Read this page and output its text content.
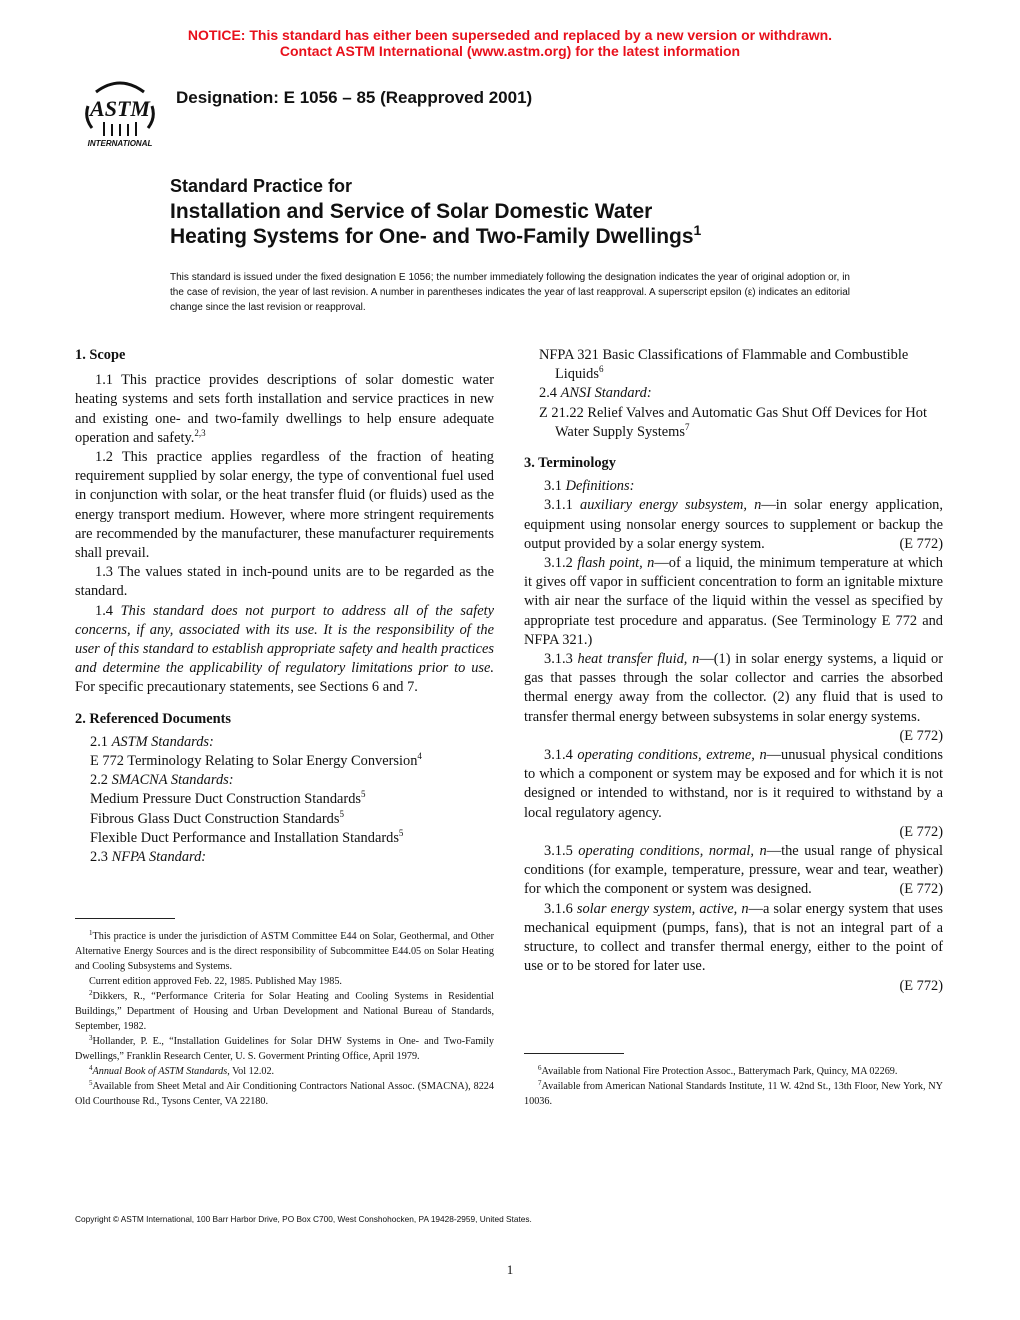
NOTICE: This standard has either been superseded and replaced by a new version or withdrawn.
Contact ASTM International (www.astm.org) for the latest information
ASTM
INTERNATIONAL
Designation: E 1056 – 85 (Reapproved 2001)
Standard Practice for
Installation and Service of Solar Domestic Water
Heating Systems for One- and Two-Family Dwellings$^1$
This standard is issued under the fixed designation E 1056; the number immediately following the designation indicates the year of original adoption or, in the case of revision, the year of last revision. A number in parentheses indicates the year of last reapproval. A superscript epsilon (ε) indicates an editorial change since the last revision or reapproval.
1. Scope

1.1 This practice provides descriptions of solar domestic water heating systems and sets forth installation and service practices in new and existing one- and two-family dwellings to help ensure adequate operation and safety.$^{2,3}$

1.2 This practice applies regardless of the fraction of heating requirement supplied by solar energy, the type of conventional fuel used in conjunction with solar, or the heat transfer fluid (or fluids) used as the energy transport medium. However, where more stringent requirements are recommended by the manufacturer, these manufacturer requirements shall prevail.

1.3 The values stated in inch-pound units are to be regarded as the standard.

1.4 This standard does not purport to address all of the safety concerns, if any, associated with its use. It is the responsibility of the user of this standard to establish appropriate safety and health practices and determine the applicability of regulatory limitations prior to use. For specific precautionary statements, see Sections 6 and 7.

2. Referenced Documents

2.1 ASTM Standards:

E 772 Terminology Relating to Solar Energy Conversion$^4$

2.2 SMACNA Standards:

Medium Pressure Duct Construction Standards$^5$

Fibrous Glass Duct Construction Standards$^5$

Flexible Duct Performance and Installation Standards$^5$

2.3 NFPA Standard:

$^1$This practice is under the jurisdiction of ASTM Committee E44 on Solar, Geothermal, and Other Alternative Energy Sources and is the direct responsibility of Subcommittee E44.05 on Solar Heating and Cooling Subsystems and Systems.

Current edition approved Feb. 22, 1985. Published May 1985.

$^2$Dikkers, R., “Performance Criteria for Solar Heating and Cooling Systems in Residential Buildings,” Department of Housing and Urban Development and National Bureau of Standards, September, 1982.

$^3$Hollander, P. E., “Installation Guidelines for Solar DHW Systems in One- and Two-Family Dwellings,” Franklin Research Center, U. S. Goverment Printing Office, April 1979.

$^4$Annual Book of ASTM Standards, Vol 12.02.

$^5$Available from Sheet Metal and Air Conditioning Contractors National Assoc. (SMACNA), 8224 Old Courthouse Rd., Tysons Center, VA 22180.

NFPA 321 Basic Classifications of Flammable and Combustible Liquids$^6$

2.4 ANSI Standard:

Z 21.22 Relief Valves and Automatic Gas Shut Off Devices for Hot Water Supply Systems$^7$

3. Terminology

3.1 Definitions:

3.1.1 auxiliary energy subsystem, n—in solar energy application, equipment using nonsolar energy sources to supplement or backup the output provided by a solar energy system.	(E 772)

3.1.2 flash point, n—of a liquid, the minimum temperature at which it gives off vapor in sufficient concentration to form an ignitable mixture with air near the surface of the liquid within the vessel as specified by appropriate test procedure and apparatus. (See Terminology E 772 and NFPA 321.)

3.1.3 heat transfer fluid, n—(1) in solar energy systems, a liquid or gas that passes through the solar collector and carries the absorbed thermal energy away from the collector. (2) any fluid that is used to transfer thermal energy between subsystems in solar energy systems.
(E 772)

3.1.4 operating conditions, extreme, n—unusual physical conditions to which a component or system may be exposed and for which it is not designed or intended to withstand, nor is it required to withstand by a local regulatory agency.

(E 772)

3.1.5 operating conditions, normal, n—the usual range of physical conditions (for example, temperature, pressure, wear and tear, weather) for which the component or system was designed.	(E 772)

3.1.6 solar energy system, active, n—a solar energy system that uses mechanical equipment (pumps, fans), that is not an integral part of a structure, to collect and transfer thermal energy, either to the point of use or to be stored for later use.

(E 772)

$^6$Available from National Fire Protection Assoc., Batterymach Park, Quincy, MA 02269.

$^7$Available from American National Standards Institute, 11 W. 42nd St., 13th Floor, New York, NY 10036.

Copyright © ASTM International, 100 Barr Harbor Drive, PO Box C700, West Conshohocken, PA 19428-2959, United States.
1
